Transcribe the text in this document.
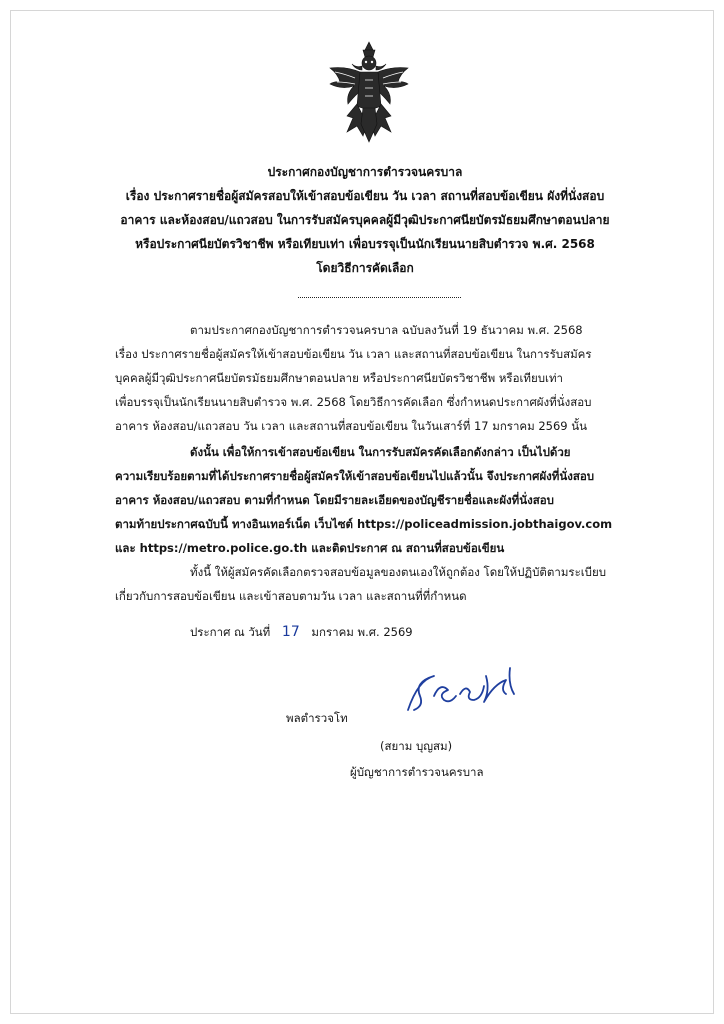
ประกาศกองบัญชาการตำรวจนครบาล
เรื่อง ประกาศรายชื่อผู้สมัครสอบให้เข้าสอบข้อเขียน วัน เวลา สถานที่สอบข้อเขียน ผังที่นั่งสอบ
อาคาร และห้องสอบ/แถวสอบ ในการรับสมัครบุคคลผู้มีวุฒิประกาศนียบัตรมัธยมศึกษาตอนปลาย
หรือประกาศนียบัตรวิชาชีพ หรือเทียบเท่า เพื่อบรรจุเป็นนักเรียนนายสิบตำรวจ พ.ศ. 2568
โดยวิธีการคัดเลือก
ตามประกาศกองบัญชาการตำรวจนครบาล ฉบับลงวันที่ 19 ธันวาคม พ.ศ. 2568
เรื่อง ประกาศรายชื่อผู้สมัครให้เข้าสอบข้อเขียน วัน เวลา และสถานที่สอบข้อเขียน ในการรับสมัคร
บุคคลผู้มีวุฒิประกาศนียบัตรมัธยมศึกษาตอนปลาย หรือประกาศนียบัตรวิชาชีพ หรือเทียบเท่า
เพื่อบรรจุเป็นนักเรียนนายสิบตำรวจ พ.ศ. 2568 โดยวิธีการคัดเลือก ซึ่งกำหนดประกาศผังที่นั่งสอบ
อาคาร ห้องสอบ/แถวสอบ วัน เวลา และสถานที่สอบข้อเขียน ในวันเสาร์ที่ 17 มกราคม 2569 นั้น
ดังนั้น เพื่อให้การเข้าสอบข้อเขียน ในการรับสมัครคัดเลือกดังกล่าว เป็นไปด้วย
ความเรียบร้อยตามที่ได้ประกาศรายชื่อผู้สมัครให้เข้าสอบข้อเขียนไปแล้วนั้น จึงประกาศผังที่นั่งสอบ
อาคาร ห้องสอบ/แถวสอบ ตามที่กำหนด โดยมีรายละเอียดของบัญชีรายชื่อและผังที่นั่งสอบ
ตามท้ายประกาศฉบับนี้ ทางอินเทอร์เน็ต เว็บไซต์ https://policeadmission.jobthaigov.com
และ https://metro.police.go.th และติดประกาศ ณ สถานที่สอบข้อเขียน
ทั้งนี้ ให้ผู้สมัครคัดเลือกตรวจสอบข้อมูลของตนเองให้ถูกต้อง โดยให้ปฏิบัติตามระเบียบ
เกี่ยวกับการสอบข้อเขียน และเข้าสอบตามวัน เวลา และสถานที่ที่กำหนด
ประกาศ ณ วันที่ 17 มกราคม พ.ศ. 2569
พลตำรวจโท
(สยาม บุญสม)
ผู้บัญชาการตำรวจนครบาล
